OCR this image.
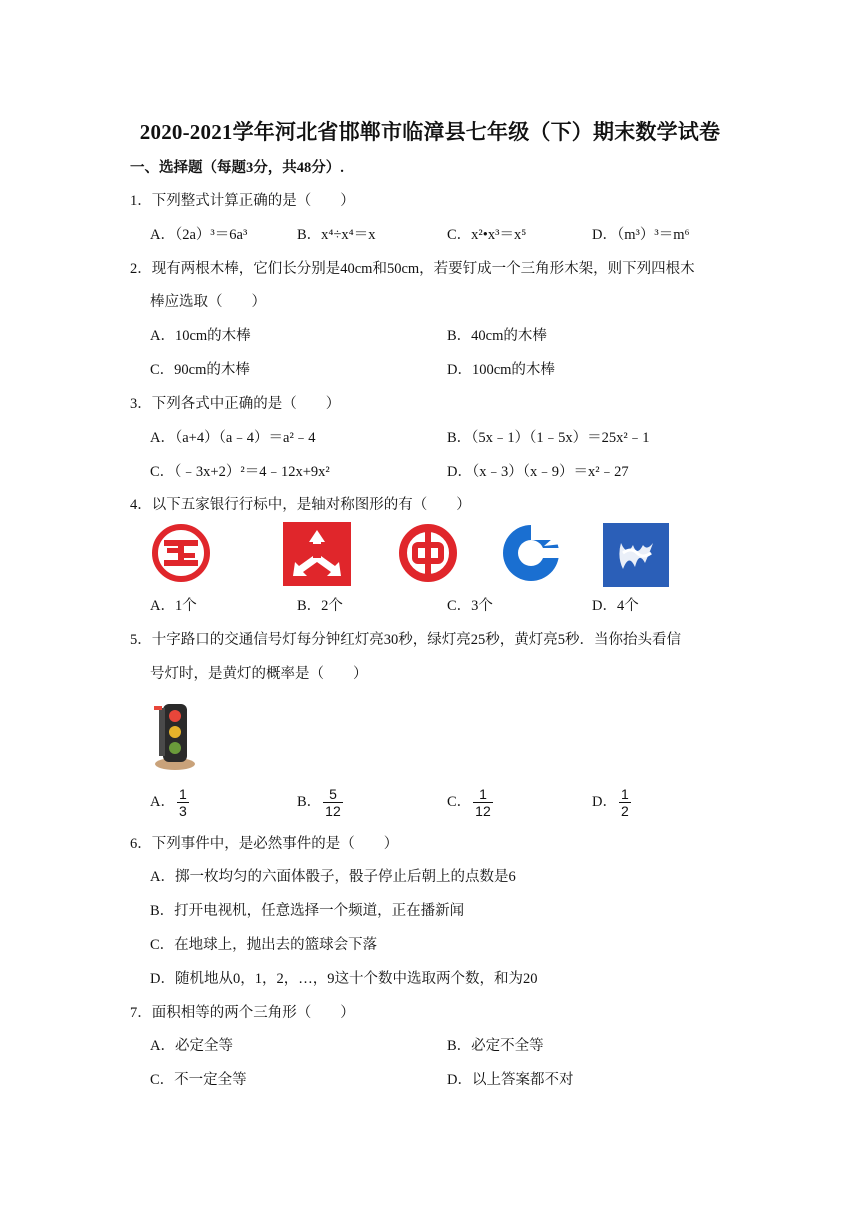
2020-2021学年河北省邯郸市临漳县七年级（下）期末数学试卷
一、选择题（每题3分，共48分）.
1．下列整式计算正确的是（　　）
A．（2a）³＝6a³	B．x⁴÷x⁴＝x	C．x²•x³＝x⁵	D．（m³）³＝m⁶
2．现有两根木棒，它们长分别是40cm和50cm，若要钉成一个三角形木架，则下列四根木
棒应选取（　　）
A．10cm的木棒	B．40cm的木棒
C．90cm的木棒	D．100cm的木棒
3．下列各式中正确的是（　　）
A．（a+4）（a﹣4）＝a²﹣4	B．（5x﹣1）（1﹣5x）＝25x²﹣1
C．（﹣3x+2）²＝4﹣12x+9x²	D．（x﹣3）（x﹣9）＝x²﹣27
4．以下五家银行行标中，是轴对称图形的有（　　）
A．1个	B．2个	C．3个	D．4个
5．十字路口的交通信号灯每分钟红灯亮30秒，绿灯亮25秒，黄灯亮5秒．当你抬头看信
号灯时，是黄灯的概率是（　　）
A． $\frac{1}{3}$	B． $\frac{5}{12}$	C． $\frac{1}{12}$	D． $\frac{1}{2}$
6．下列事件中，是必然事件的是（　　）
A．掷一枚均匀的六面体骰子，骰子停止后朝上的点数是6
B．打开电视机，任意选择一个频道，正在播新闻
C．在地球上，抛出去的篮球会下落
D．随机地从0，1，2，…，9这十个数中选取两个数，和为20
7．面积相等的两个三角形（　　）
A．必定全等	B．必定不全等
C．不一定全等	D．以上答案都不对
